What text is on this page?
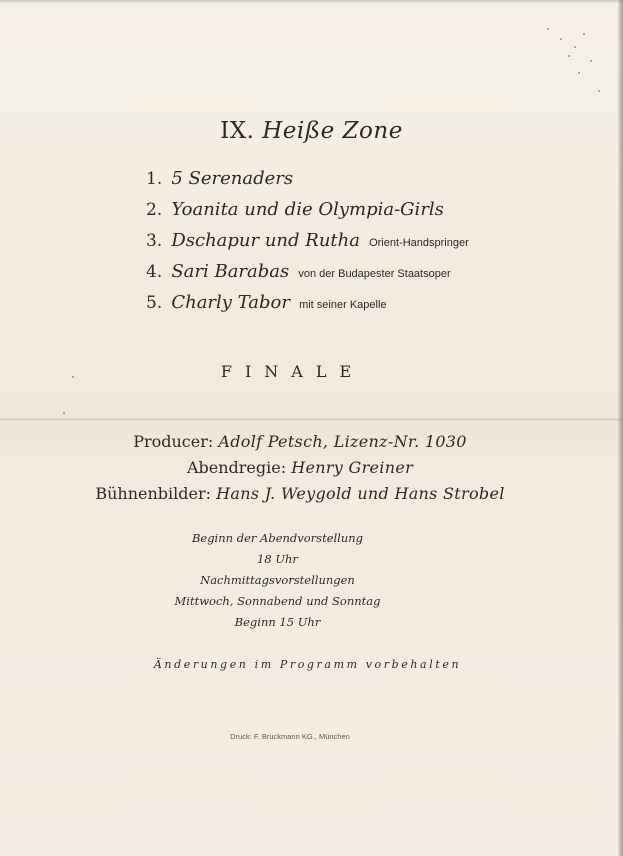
IX. Heiße Zone
1. 5 Serenaders
2. Yoanita und die Olympia-Girls
3. Dschapur und Rutha Orient-Handspringer
4. Sari Barabas von der Budapester Staatsoper
5. Charly Tabor mit seiner Kapelle
FINALE
Producer: Adolf Petsch, Lizenz-Nr. 1030
Abendregie: Henry Greiner
Bühnenbilder: Hans J. Weygold und Hans Strobel
Beginn der Abendvorstellung
18 Uhr
Nachmittagsvorstellungen
Mittwoch, Sonnabend und Sonntag
Beginn 15 Uhr
Änderungen im Programm vorbehalten
Druck: F. Bruckmann KG., München
